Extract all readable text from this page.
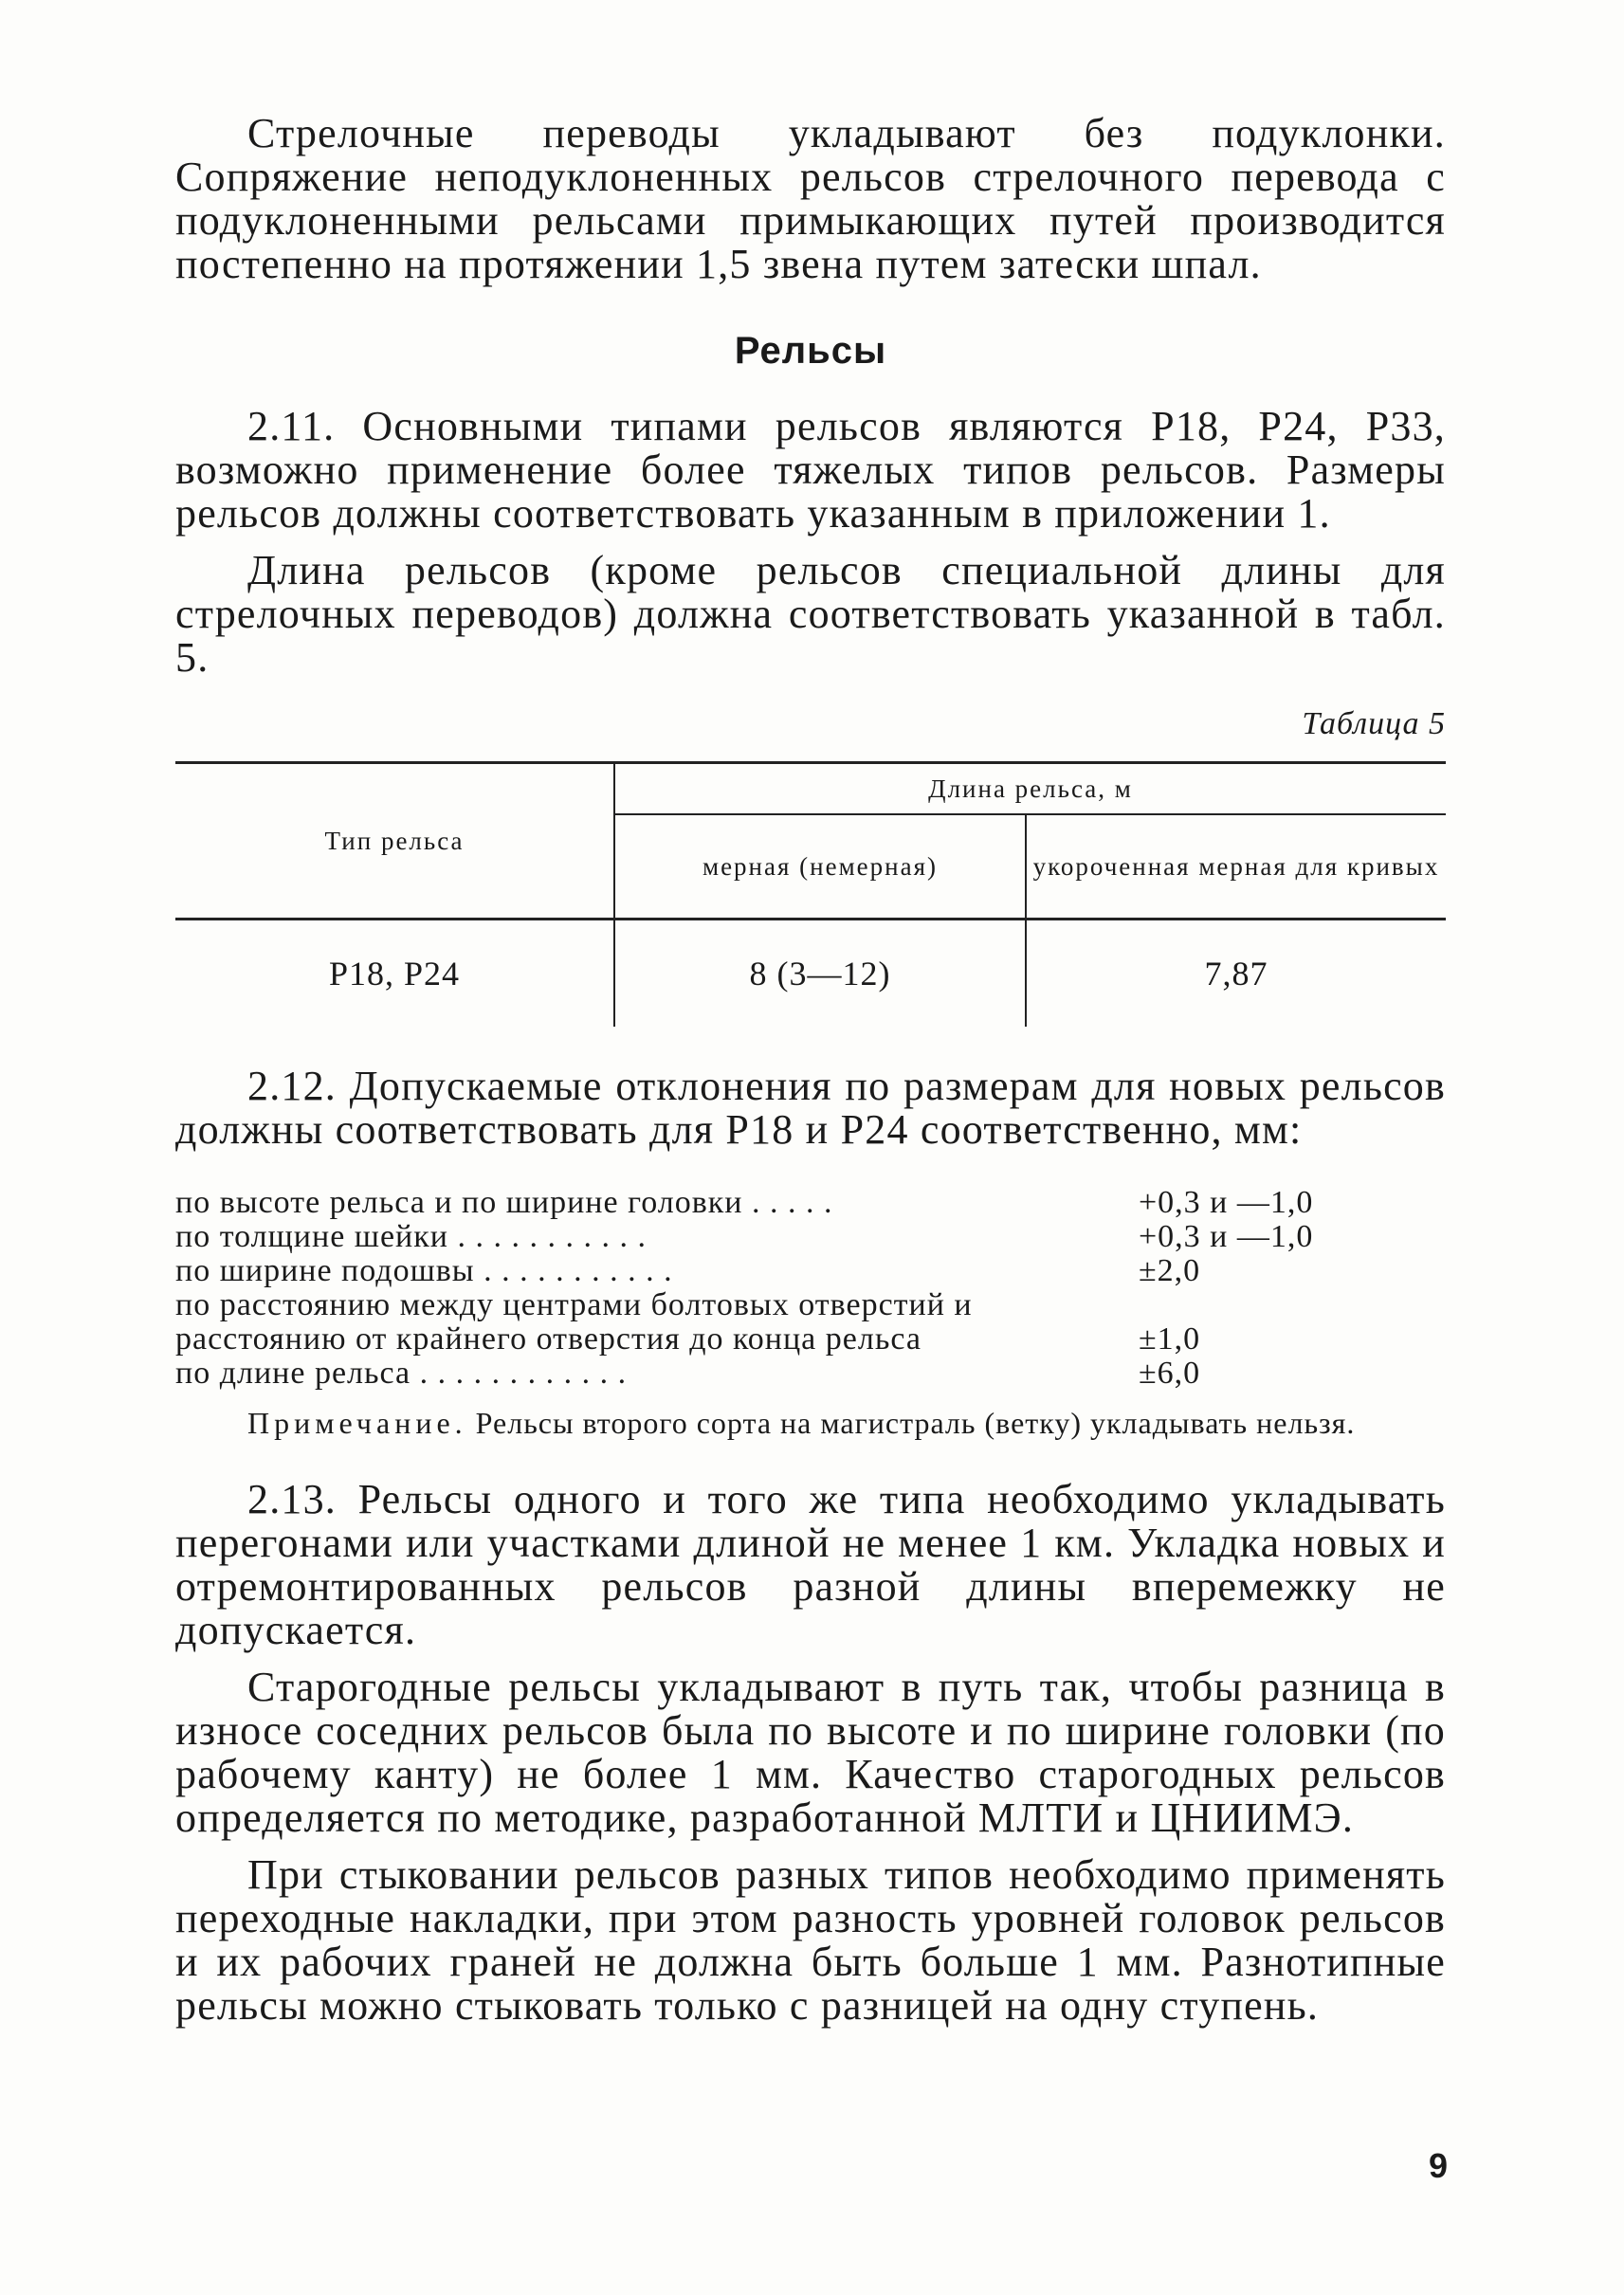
Стрелочные переводы укладывают без подуклонки. Сопряжение неподуклоненных рельсов стрелочного перевода с подуклоненными рельсами примыкающих путей производится постепенно на протяжении 1,5 звена путем затески шпал.

Рельсы

2.11. Основными типами рельсов являются Р18, Р24, Р33, возможно применение более тяжелых типов рельсов. Размеры рельсов должны соответствовать указанным в приложении 1.

Длина рельсов (кроме рельсов специальной длины для стрелочных переводов) должна соответствовать указанной в табл. 5.

Таблица 5
Тип рельса	Длина рельса, м	
	мерная (немерная)	укороченная мерная для кривых
Р18, Р24	8 (3—12)	7,87

2.12. Допускаемые отклонения по размерам для новых рельсов должны соответствовать для Р18 и Р24 соответственно, мм:

по высоте рельса и по ширине головки . . . . .	+0,3 и —1,0
по толщине шейки . . . . . . . . . . .	+0,3 и —1,0
по ширине подошвы . . . . . . . . . . .	±2,0
по расстоянию между центрами болтовых отверстий и
расстоянию от крайнего отверстия до конца рельса	±1,0
по длине рельса . . . . . . . . . . . .	±6,0
Примечание. Рельсы второго сорта на магистраль (ветку) укладывать нельзя.

2.13. Рельсы одного и того же типа необходимо укладывать перегонами или участками длиной не менее 1 км. Укладка новых и отремонтированных рельсов разной длины вперемежку не допускается.

Старогодные рельсы укладывают в путь так, чтобы разница в износе соседних рельсов была по высоте и по ширине головки (по рабочему канту) не более 1 мм. Качество старогодных рельсов определяется по методике, разработанной МЛТИ и ЦНИИМЭ.

При стыковании рельсов разных типов необходимо применять переходные накладки, при этом разность уровней головок рельсов и их рабочих граней не должна быть больше 1 мм. Разнотипные рельсы можно стыковать только с разницей на одну ступень.

9
